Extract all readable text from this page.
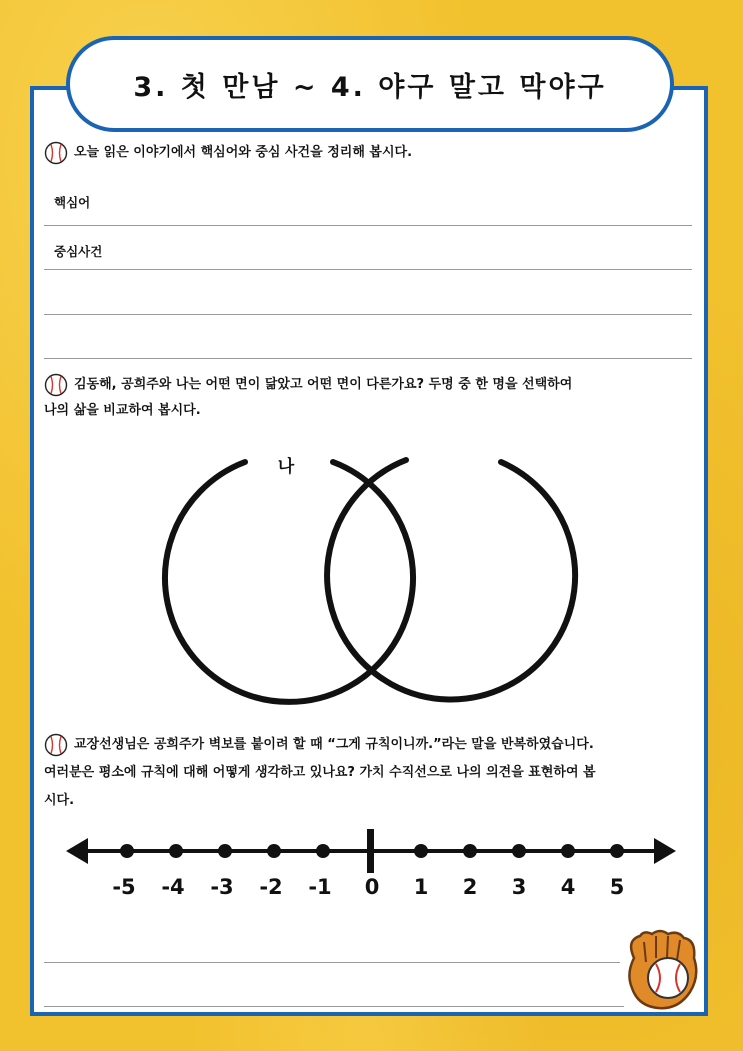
3. 첫 만남 ~ 4. 야구 말고 막야구
오늘 읽은 이야기에서 핵심어와 중심 사건을 정리해 봅시다.
핵심어
중심사건
김동해, 공희주와 나는 어떤 면이 닮았고 어떤 면이 다른가요? 두명 중 한 명을 선택하여
나의 삶을 비교하여 봅시다.
나
-5 -4 -3 -2 -1 0 1 2 3 4 5
교장선생님은 공희주가 벽보를 붙이려 할 때 “그게 규칙이니까.”라는 말을 반복하였습니다.
여러분은 평소에 규칙에 대해 어떻게 생각하고 있나요? 가치 수직선으로 나의 의견을 표현하여 봅
시다.
